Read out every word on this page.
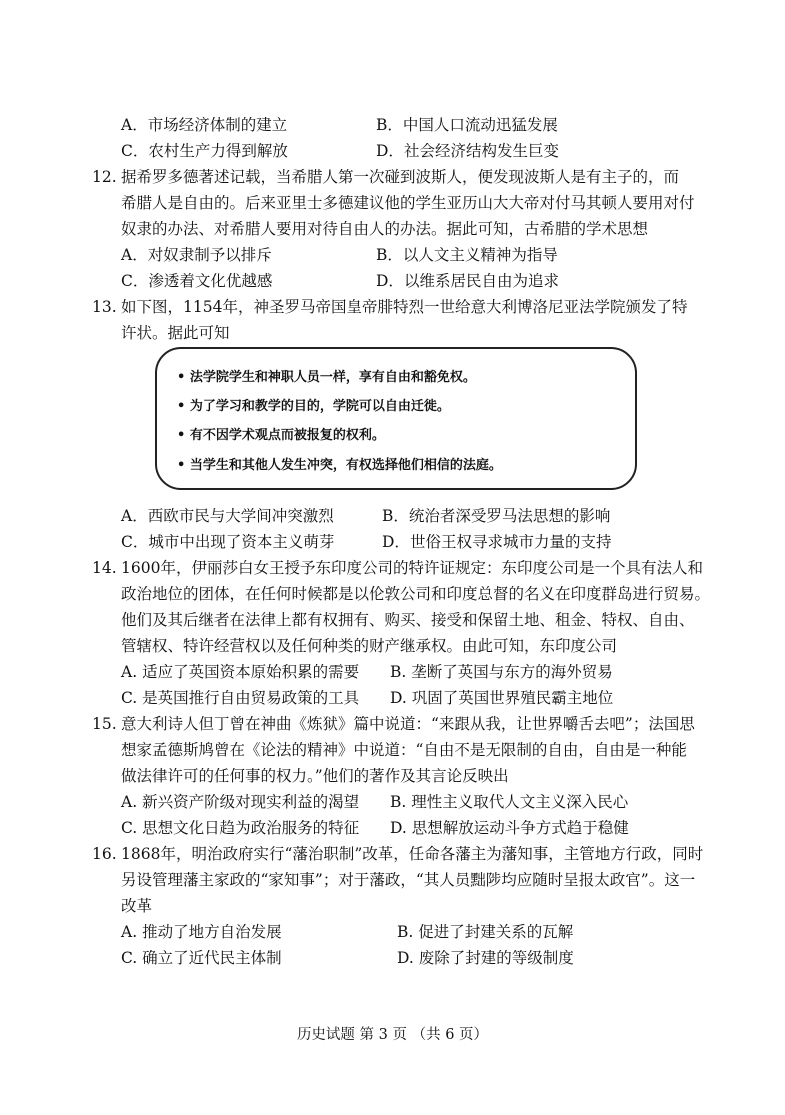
A．市场经济体制的建立	B．中国人口流动迅猛发展
C．农村生产力得到解放	D．社会经济结构发生巨变
12. 据希罗多德著述记载，当希腊人第一次碰到波斯人，便发现波斯人是有主子的，而
希腊人是自由的。后来亚里士多德建议他的学生亚历山大大帝对付马其顿人要用对付
奴隶的办法、对希腊人要用对待自由人的办法。据此可知，古希腊的学术思想
A．对奴隶制予以排斥	B．以人文主义精神为指导
C．渗透着文化优越感	D．以维系居民自由为追求
13. 如下图，1154年，神圣罗马帝国皇帝腓特烈一世给意大利博洛尼亚法学院颁发了特
许状。据此可知
• 法学院学生和神职人员一样，享有自由和豁免权。
• 为了学习和教学的目的，学院可以自由迁徙。
• 有不因学术观点而被报复的权利。
• 当学生和其他人发生冲突，有权选择他们相信的法庭。
A．西欧市民与大学间冲突激烈	B．统治者深受罗马法思想的影响
C．城市中出现了资本主义萌芽	D．世俗王权寻求城市力量的支持
14. 1600年，伊丽莎白女王授予东印度公司的特许证规定：东印度公司是一个具有法人和
政治地位的团体，在任何时候都是以伦敦公司和印度总督的名义在印度群岛进行贸易。
他们及其后继者在法律上都有权拥有、购买、接受和保留土地、租金、特权、自由、
管辖权、特许经营权以及任何种类的财产继承权。由此可知，东印度公司
A. 适应了英国资本原始积累的需要 B. 垄断了英国与东方的海外贸易
C. 是英国推行自由贸易政策的工具 D. 巩固了英国世界殖民霸主地位
15. 意大利诗人但丁曾在神曲《炼狱》篇中说道：“来跟从我，让世界嚼舌去吧”；法国思
想家孟德斯鸠曾在《论法的精神》中说道：“自由不是无限制的自由，自由是一种能
做法律许可的任何事的权力。”他们的著作及其言论反映出
A. 新兴资产阶级对现实利益的渴望 B. 理性主义取代人文主义深入民心
C. 思想文化日趋为政治服务的特征 D. 思想解放运动斗争方式趋于稳健
16. 1868年，明治政府实行“藩治职制”改革，任命各藩主为藩知事，主管地方行政，同时
另设管理藩主家政的“家知事”；对于藩政，“其人员黜陟均应随时呈报太政官”。这一
改革
A. 推动了地方自治发展	B. 促进了封建关系的瓦解
C. 确立了近代民主体制	D. 废除了封建的等级制度
历史试题 第 3 页 （共 6 页）
